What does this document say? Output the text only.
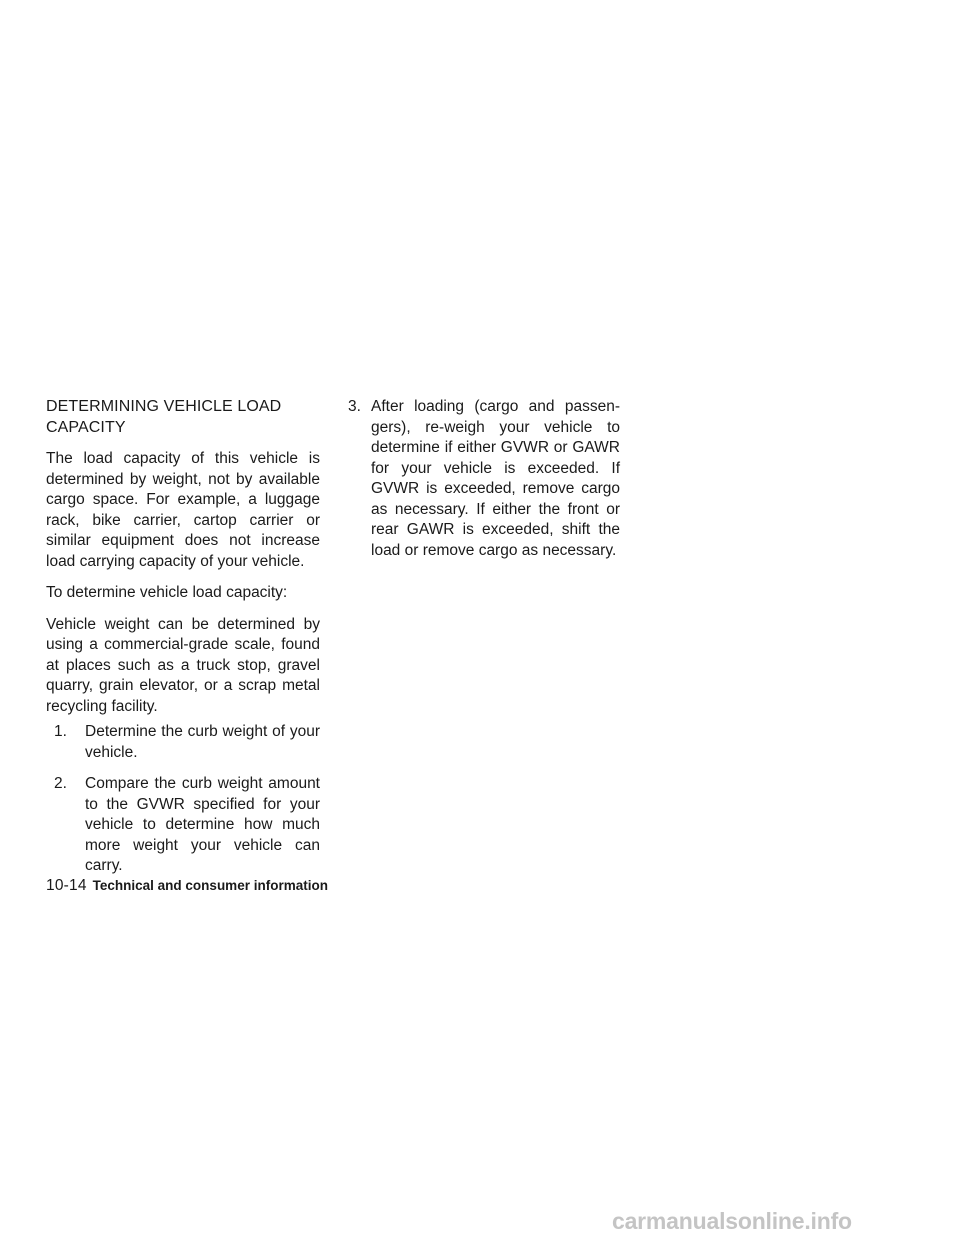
DETERMINING VEHICLE LOAD CAPACITY

The load capacity of this vehicle is determined by weight, not by available cargo space. For example, a luggage rack, bike carrier, cartop carrier or similar equipment does not increase load carrying capacity of your vehicle.

To determine vehicle load capacity:

Vehicle weight can be determined by using a commercial-grade scale, found at places such as a truck stop, gravel quarry, grain elevator, or a scrap metal recycling facility.

1. Determine the curb weight of your vehicle.
2. Compare the curb weight amount to the GVWR specified for your vehicle to determine how much more weight your vehicle can carry.
3. After loading (cargo and passengers), re-weigh your vehicle to determine if either GVWR or GAWR for your vehicle is exceeded. If GVWR is exceeded, remove cargo as necessary. If either the front or rear GAWR is exceeded, shift the load or remove cargo as necessary.
10-14 Technical and consumer information
carmanualsonline.info
